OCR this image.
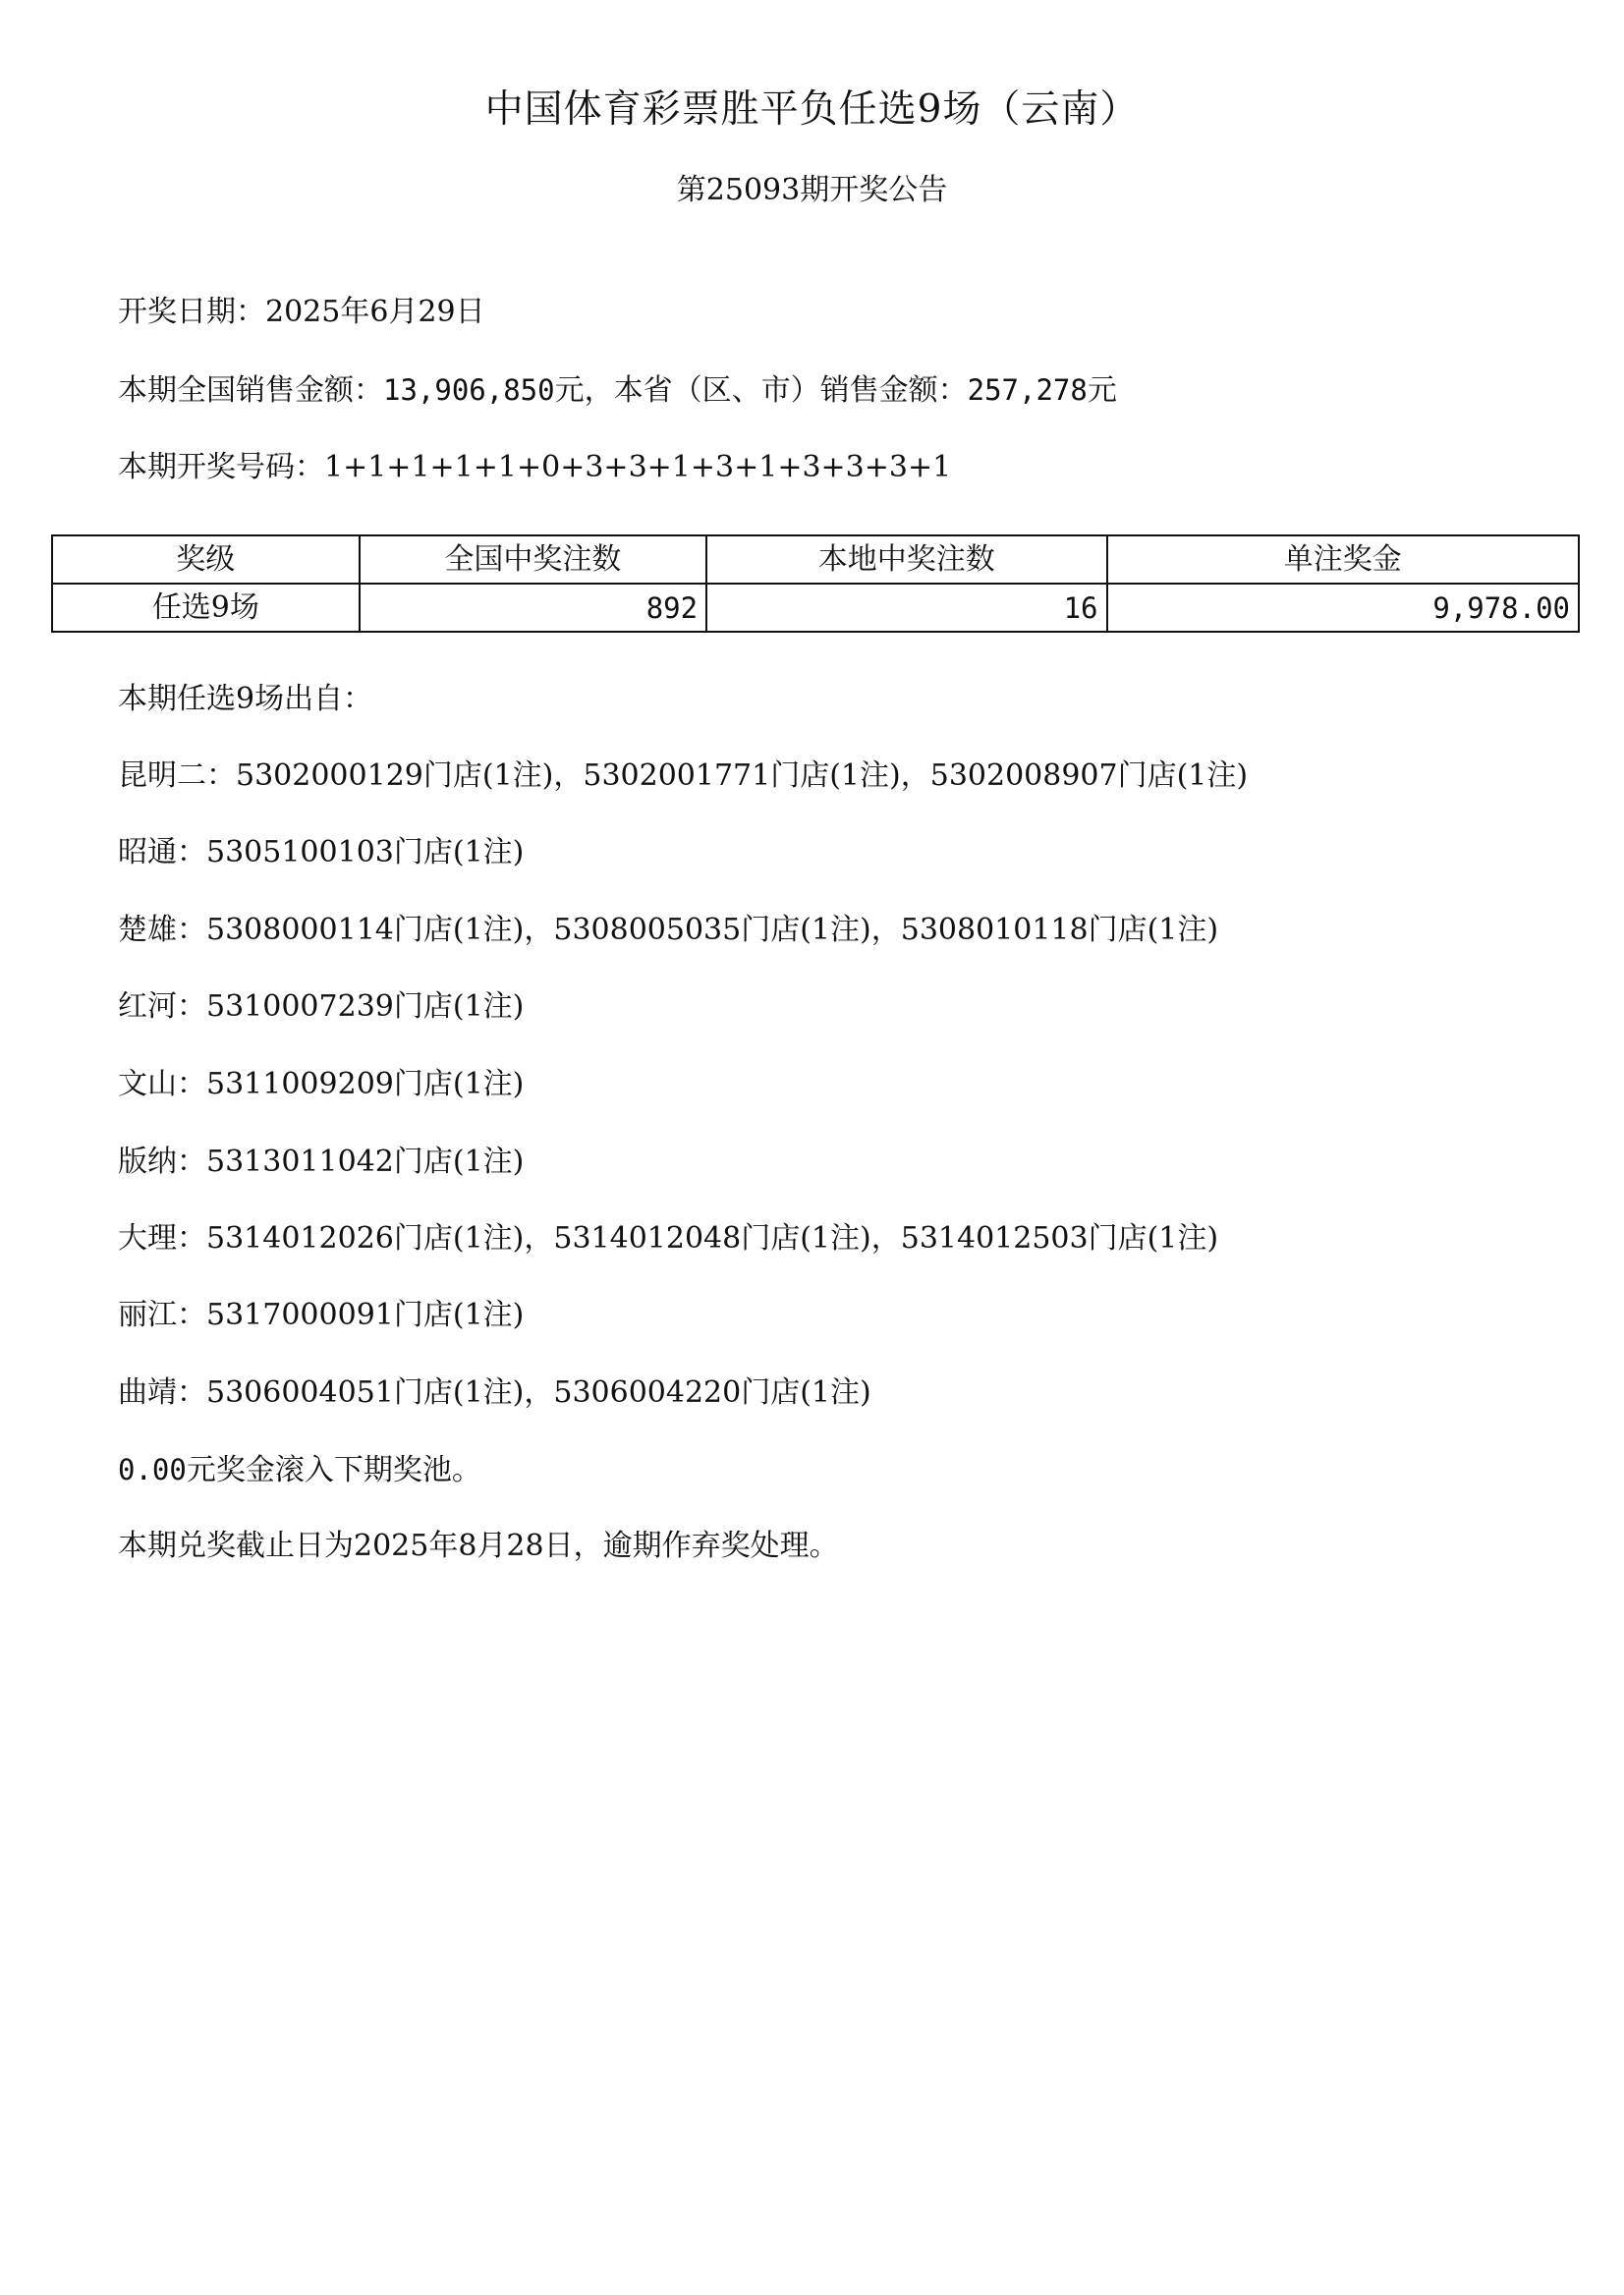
中国体育彩票胜平负任选9场（云南）
第25093期开奖公告
开奖日期：2025年6月29日
本期全国销售金额：13,906,850元，本省（区、市）销售金额：257,278元
本期开奖号码：1+1+1+1+1+0+3+3+1+3+1+3+3+3+1
奖级	全国中奖注数	本地中奖注数	单注奖金
任选9场	892	16	9,978.00
本期任选9场出自：
昆明二：5302000129门店(1注)，5302001771门店(1注)，5302008907门店(1注)
昭通：5305100103门店(1注)
楚雄：5308000114门店(1注)，5308005035门店(1注)，5308010118门店(1注)
红河：5310007239门店(1注)
文山：5311009209门店(1注)
版纳：5313011042门店(1注)
大理：5314012026门店(1注)，5314012048门店(1注)，5314012503门店(1注)
丽江：5317000091门店(1注)
曲靖：5306004051门店(1注)，5306004220门店(1注)
0.00元奖金滚入下期奖池。
本期兑奖截止日为2025年8月28日，逾期作弃奖处理。
